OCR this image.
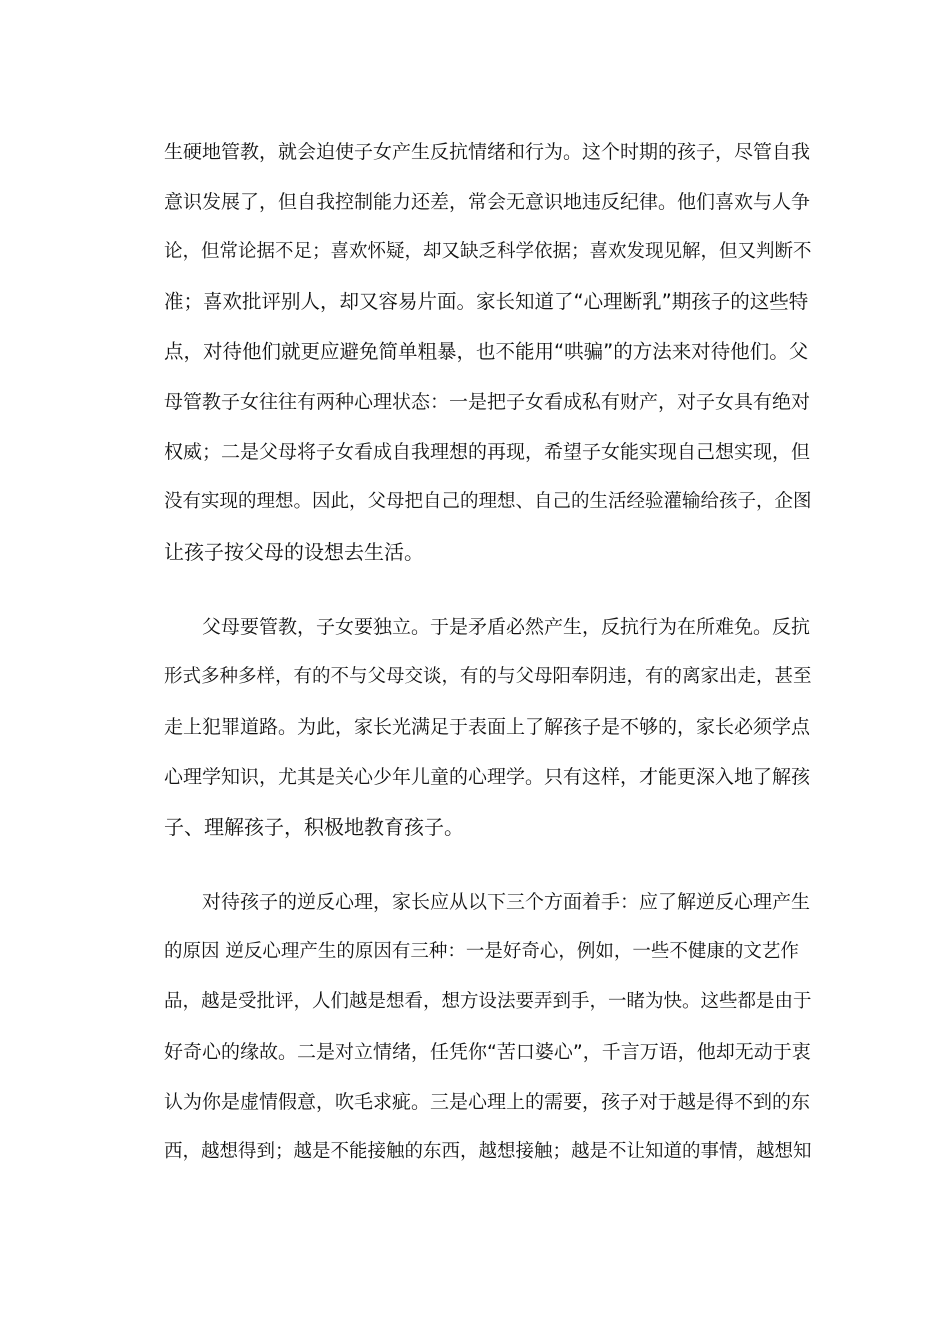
生硬地管教，就会迫使子女产生反抗情绪和行为。这个时期的孩子，尽管自我
意识发展了，但自我控制能力还差，常会无意识地违反纪律。他们喜欢与人争
论，但常论据不足；喜欢怀疑，却又缺乏科学依据；喜欢发现见解，但又判断不
准；喜欢批评别人，却又容易片面。家长知道了“心理断乳”期孩子的这些特
点，对待他们就更应避免简单粗暴，也不能用“哄骗”的方法来对待他们。父
母管教子女往往有两种心理状态：一是把子女看成私有财产，对子女具有绝对
权威；二是父母将子女看成自我理想的再现，希望子女能实现自己想实现，但
没有实现的理想。因此，父母把自己的理想、自己的生活经验灌输给孩子，企图
让孩子按父母的设想去生活。
　　父母要管教，子女要独立。于是矛盾必然产生，反抗行为在所难免。反抗
形式多种多样，有的不与父母交谈，有的与父母阳奉阴违，有的离家出走，甚至
走上犯罪道路。为此，家长光满足于表面上了解孩子是不够的，家长必须学点
心理学知识，尤其是关心少年儿童的心理学。只有这样，才能更深入地了解孩
子、理解孩子，积极地教育孩子。
　　对待孩子的逆反心理，家长应从以下三个方面着手：应了解逆反心理产生
的原因 逆反心理产生的原因有三种：一是好奇心，例如，一些不健康的文艺作
品，越是受批评，人们越是想看，想方设法要弄到手，一睹为快。这些都是由于
好奇心的缘故。二是对立情绪，任凭你“苦口婆心”，千言万语，他却无动于衷
认为你是虚情假意，吹毛求疵。三是心理上的需要，孩子对于越是得不到的东
西，越想得到；越是不能接触的东西，越想接触；越是不让知道的事情，越想知
